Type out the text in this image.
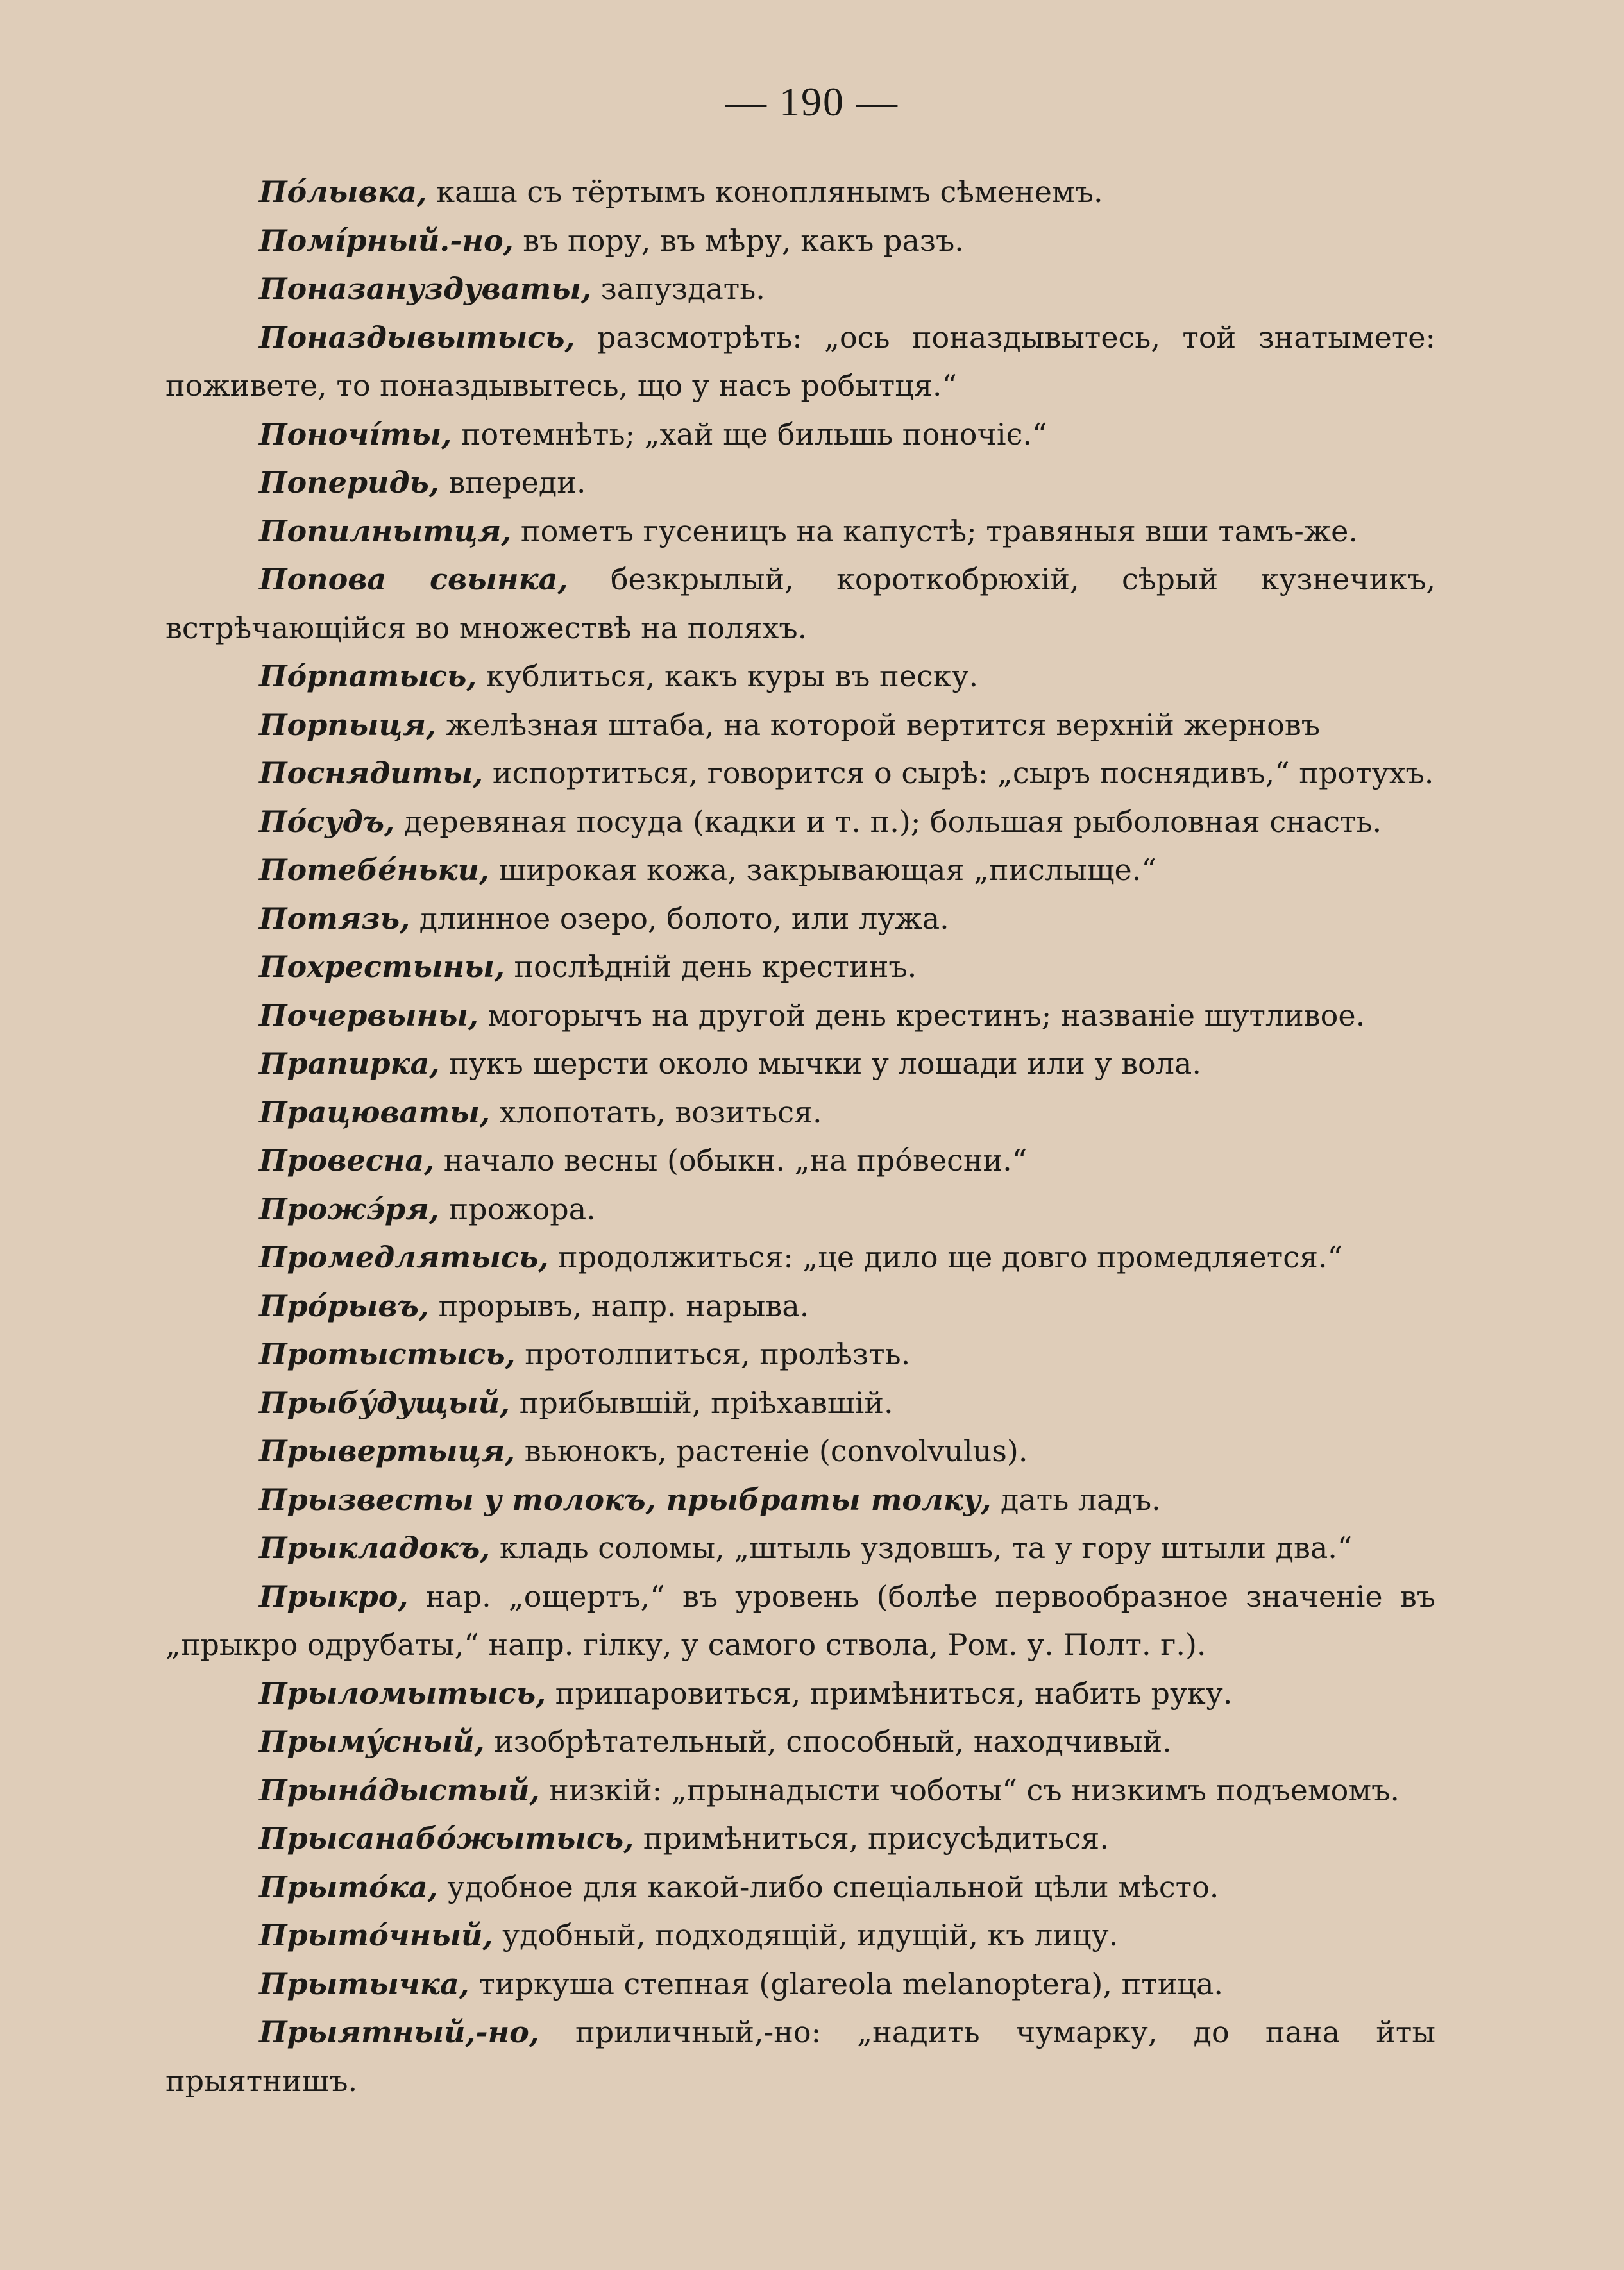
— 190 —

По́лывка, каша съ тёртымъ коноплянымъ сѣменемъ.

Помі́рный.-но, въ пору, въ мѣру, какъ разъ.

Поназануздуваты, запуздать.

Поназдывытысь, разсмотрѣть: „ось поназдывытесь, той знатымете: поживете, то поназдывытесь, що у насъ робытця.“

Поночі́ты, потемнѣть; „хай ще бильшь поночіє.“

Поперидь, впереди.

Попилнытця, пометъ гусеницъ на капустѣ; травяныя вши тамъ-же.

Попова свынка, безкрылый, короткобрюхій, сѣрый кузнечикъ, встрѣчающійся во множествѣ на поляхъ.

По́рпатысь, кублиться, какъ куры въ песку.

Порпыця, желѣзная штаба, на которой вертится верхній жерновъ

Поснядиты, испортиться, говорится о сырѣ: „сыръ поснядивъ,“ протухъ.

По́судъ, деревяная посуда (кадки и т. п.); большая рыболовная снасть.

Потебе́ньки, широкая кожа, закрывающая „пислыще.“

Потязь, длинное озеро, болото, или лужа.

Похрестыны, послѣдній день крестинъ.

Почервыны, могорычъ на другой день крестинъ; названіе шутливое.

Прапирка, пукъ шерсти около мычки у лошади или у вола.

Працюваты, хлопотать, возиться.

Провесна, начало весны (обыкн. „на про́весни.“

Прожэ́ря, прожора.

Промедлятысь, продолжиться: „це дило ще довго промедляется.“

Про́рывъ, прорывъ, напр. нарыва.

Протыстысь, протолпиться, пролѣзть.

Прыбу́дущый, прибывшій, пріѣхавшій.

Прывертыця, вьюнокъ, растеніе (convolvulus).

Прызвесты у толокъ, прыбраты толку, дать ладъ.

Прыкладокъ, кладь соломы, „штыль уздовшъ, та у гору штыли два.“

Прыкро, нар. „ощертъ,“ въ уровень (болѣе первообразное значеніе въ „прыкро одрубаты,“ напр. гілку, у самого ствола, Ром. у. Полт. г.).

Прыломытысь, припаровиться, примѣниться, набить руку.

Прыму́сный, изобрѣтательный, способный, находчивый.

Прына́дыстый, низкій: „прынадысти чоботы“ съ низкимъ подъемомъ.

Прысанабо́жытысь, примѣниться, присусѣдиться.

Прыто́ка, удобное для какой-либо спеціальной цѣли мѣсто.

Прыто́чный, удобный, подходящій, идущій, къ лицу.

Прытычка, тиркуша степная (glareola melanoptera), птица.

Прыятный,-но, приличный,-но: „надить чумарку, до пана йты прыятнишъ.
